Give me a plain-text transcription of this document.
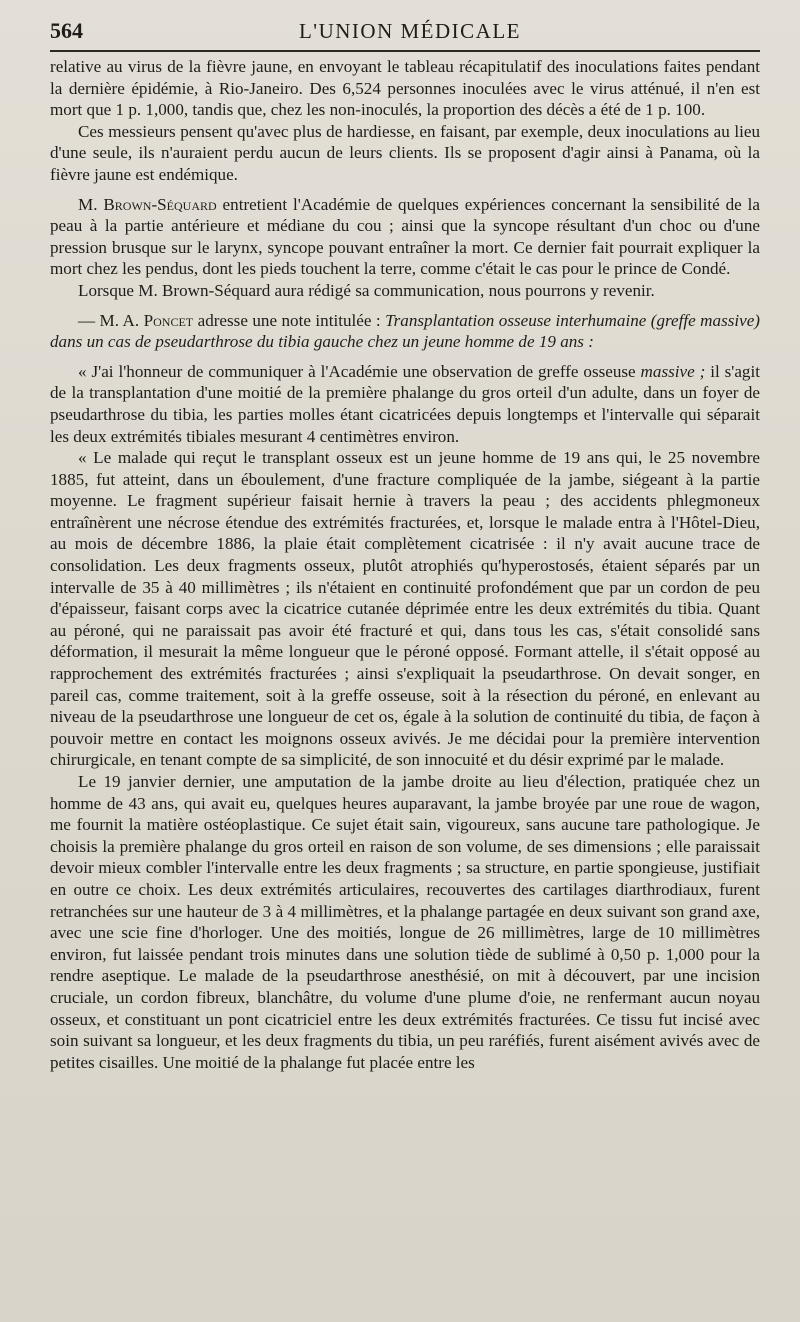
564	L'UNION MÉDICALE

relative au virus de la fièvre jaune, en envoyant le tableau récapitulatif des inoculations faites pendant la dernière épidémie, à Rio-Janeiro. Des 6,524 personnes inoculées avec le virus atténué, il n'en est mort que 1 p. 1,000, tandis que, chez les non-inoculés, la proportion des décès a été de 1 p. 100.

Ces messieurs pensent qu'avec plus de hardiesse, en faisant, par exemple, deux inoculations au lieu d'une seule, ils n'auraient perdu aucun de leurs clients. Ils se proposent d'agir ainsi à Panama, où la fièvre jaune est endémique.

M. Brown-Séquard entretient l'Académie de quelques expériences concernant la sensibilité de la peau à la partie antérieure et médiane du cou ; ainsi que la syncope résultant d'un choc ou d'une pression brusque sur le larynx, syncope pouvant entraîner la mort. Ce dernier fait pourrait expliquer la mort chez les pendus, dont les pieds touchent la terre, comme c'était le cas pour le prince de Condé.

Lorsque M. Brown-Séquard aura rédigé sa communication, nous pourrons y revenir.

— M. A. Poncet adresse une note intitulée : Transplantation osseuse interhumaine (greffe massive) dans un cas de pseudarthrose du tibia gauche chez un jeune homme de 19 ans :

« J'ai l'honneur de communiquer à l'Académie une observation de greffe osseuse massive ; il s'agit de la transplantation d'une moitié de la première phalange du gros orteil d'un adulte, dans un foyer de pseudarthrose du tibia, les parties molles étant cicatricées depuis longtemps et l'intervalle qui séparait les deux extrémités tibiales mesurant 4 centimètres environ.

« Le malade qui reçut le transplant osseux est un jeune homme de 19 ans qui, le 25 novembre 1885, fut atteint, dans un éboulement, d'une fracture compliquée de la jambe, siégeant à la partie moyenne. Le fragment supérieur faisait hernie à travers la peau ; des accidents phlegmoneux entraînèrent une nécrose étendue des extrémités fracturées, et, lorsque le malade entra à l'Hôtel-Dieu, au mois de décembre 1886, la plaie était complètement cicatrisée : il n'y avait aucune trace de consolidation. Les deux fragments osseux, plutôt atrophiés qu'hyperostosés, étaient séparés par un intervalle de 35 à 40 millimètres ; ils n'étaient en continuité profondément que par un cordon de peu d'épaisseur, faisant corps avec la cicatrice cutanée déprimée entre les deux extrémités du tibia. Quant au péroné, qui ne paraissait pas avoir été fracturé et qui, dans tous les cas, s'était consolidé sans déformation, il mesurait la même longueur que le péroné opposé. Formant attelle, il s'était opposé au rapprochement des extrémités fracturées ; ainsi s'expliquait la pseudarthrose. On devait songer, en pareil cas, comme traitement, soit à la greffe osseuse, soit à la résection du péroné, en enlevant au niveau de la pseudarthrose une longueur de cet os, égale à la solution de continuité du tibia, de façon à pouvoir mettre en contact les moignons osseux avivés. Je me décidai pour la première intervention chirurgicale, en tenant compte de sa simplicité, de son innocuité et du désir exprimé par le malade.

Le 19 janvier dernier, une amputation de la jambe droite au lieu d'élection, pratiquée chez un homme de 43 ans, qui avait eu, quelques heures auparavant, la jambe broyée par une roue de wagon, me fournit la matière ostéoplastique. Ce sujet était sain, vigoureux, sans aucune tare pathologique. Je choisis la première phalange du gros orteil en raison de son volume, de ses dimensions ; elle paraissait devoir mieux combler l'intervalle entre les deux fragments ; sa structure, en partie spongieuse, justifiait en outre ce choix. Les deux extrémités articulaires, recouvertes des cartilages diarthrodiaux, furent retranchées sur une hauteur de 3 à 4 millimètres, et la phalange partagée en deux suivant son grand axe, avec une scie fine d'horloger. Une des moitiés, longue de 26 millimètres, large de 10 millimètres environ, fut laissée pendant trois minutes dans une solution tiède de sublimé à 0,50 p. 1,000 pour la rendre aseptique. Le malade de la pseudarthrose anesthésié, on mit à découvert, par une incision cruciale, un cordon fibreux, blanchâtre, du volume d'une plume d'oie, ne renfermant aucun noyau osseux, et constituant un pont cicatriciel entre les deux extrémités fracturées. Ce tissu fut incisé avec soin suivant sa longueur, et les deux fragments du tibia, un peu raréfiés, furent aisément avivés avec de petites cisailles. Une moitié de la phalange fut placée entre les
